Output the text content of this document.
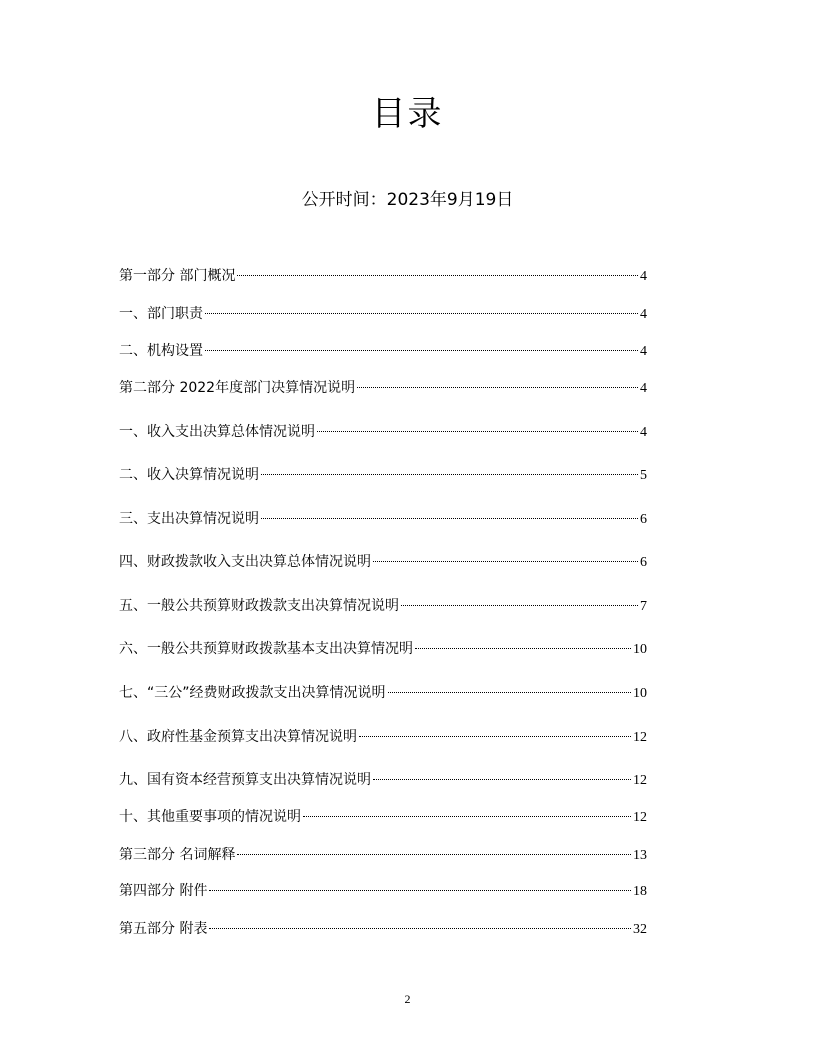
目录
公开时间：2023年9月19日
第一部分 部门概况	4
一、部门职责	4
二、机构设置	4
第二部分 2022年度部门决算情况说明	4
一、收入支出决算总体情况说明	4
二、收入决算情况说明	5
三、支出决算情况说明	6
四、财政拨款收入支出决算总体情况说明	6
五、一般公共预算财政拨款支出决算情况说明	7
六、一般公共预算财政拨款基本支出决算情况明	10
七、“三公”经费财政拨款支出决算情况说明	10
八、政府性基金预算支出决算情况说明	12
九、国有资本经营预算支出决算情况说明	12
十、其他重要事项的情况说明	12
第三部分 名词解释	13
第四部分 附件	18
第五部分 附表	32
2
